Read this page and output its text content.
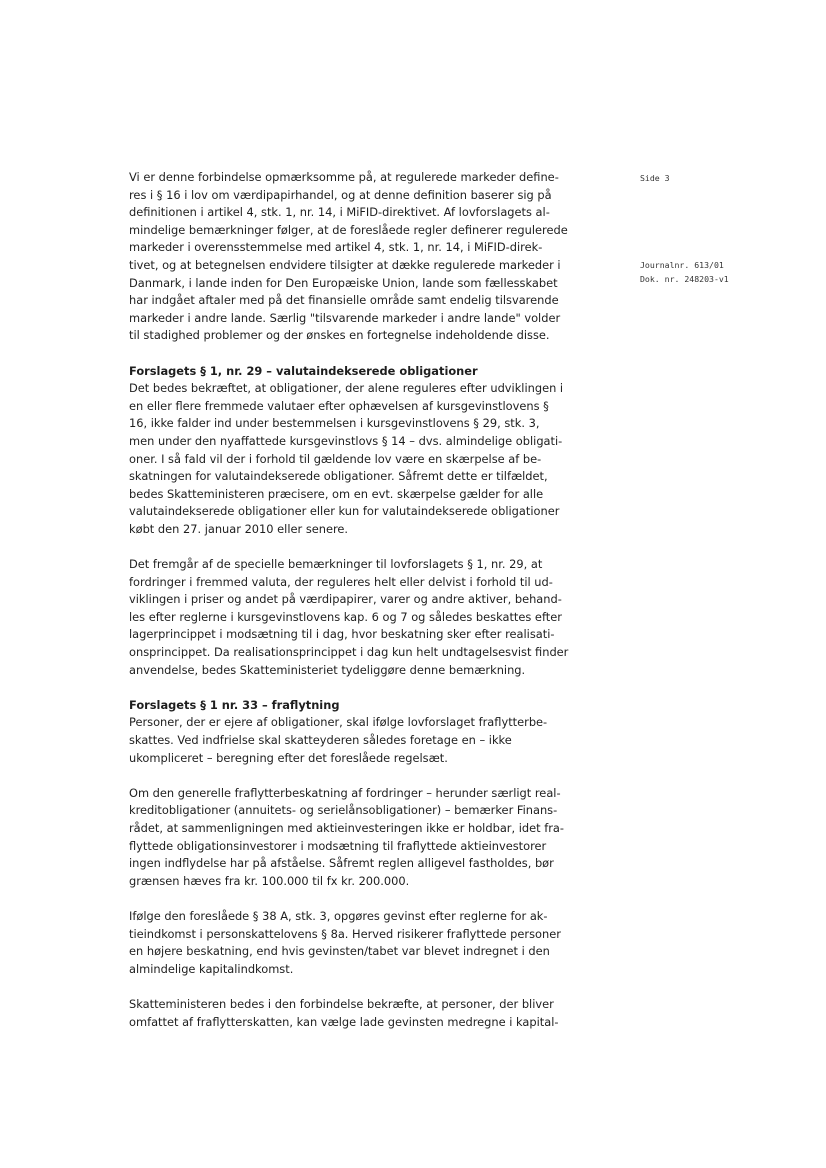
Side 3
Journalnr. 613/01
Dok. nr. 248203-v1

Vi er denne forbindelse opmærksomme på, at regulerede markeder define-
res i § 16 i lov om værdipapirhandel, og at denne definition baserer sig på
definitionen i artikel 4, stk. 1, nr. 14, i MiFID-direktivet. Af lovforslagets al-
mindelige bemærkninger følger, at de foreslåede regler definerer regulerede
markeder i overensstemmelse med artikel 4, stk. 1, nr. 14, i MiFID-direk-
tivet, og at betegnelsen endvidere tilsigter at dække regulerede markeder i
Danmark, i lande inden for Den Europæiske Union, lande som fællesskabet
har indgået aftaler med på det finansielle område samt endelig tilsvarende
markeder i andre lande. Særlig "tilsvarende markeder i andre lande" volder
til stadighed problemer og der ønskes en fortegnelse indeholdende disse.

Forslagets § 1, nr. 29 – valutaindekserede obligationer
Det bedes bekræftet, at obligationer, der alene reguleres efter udviklingen i
en eller flere fremmede valutaer efter ophævelsen af kursgevinstlovens §
16, ikke falder ind under bestemmelsen i kursgevinstlovens § 29, stk. 3,
men under den nyaffattede kursgevinstlovs § 14 – dvs. almindelige obligati-
oner. I så fald vil der i forhold til gældende lov være en skærpelse af be-
skatningen for valutaindekserede obligationer. Såfremt dette er tilfældet,
bedes Skatteministeren præcisere, om en evt. skærpelse gælder for alle
valutaindekserede obligationer eller kun for valutaindekserede obligationer
købt den 27. januar 2010 eller senere.

Det fremgår af de specielle bemærkninger til lovforslagets § 1, nr. 29, at
fordringer i fremmed valuta, der reguleres helt eller delvist i forhold til ud-
viklingen i priser og andet på værdipapirer, varer og andre aktiver, behand-
les efter reglerne i kursgevinstlovens kap. 6 og 7 og således beskattes efter
lagerprincippet i modsætning til i dag, hvor beskatning sker efter realisati-
onsprincippet. Da realisationsprincippet i dag kun helt undtagelsesvist finder
anvendelse, bedes Skatteministeriet tydeliggøre denne bemærkning.

Forslagets § 1 nr. 33 – fraflytning
Personer, der er ejere af obligationer, skal ifølge lovforslaget fraflytterbe-
skattes. Ved indfrielse skal skatteyderen således foretage en – ikke
ukompliceret – beregning efter det foreslåede regelsæt.

Om den generelle fraflytterbeskatning af fordringer – herunder særligt real-
kreditobligationer (annuitets- og serielånsobligationer) – bemærker Finans-
rådet, at sammenligningen med aktieinvesteringen ikke er holdbar, idet fra-
flyttede obligationsinvestorer i modsætning til fraflyttede aktieinvestorer
ingen indflydelse har på afståelse. Såfremt reglen alligevel fastholdes, bør
grænsen hæves fra kr. 100.000 til fx kr. 200.000.

Ifølge den foreslåede § 38 A, stk. 3, opgøres gevinst efter reglerne for ak-
tieindkomst i personskattelovens § 8a. Herved risikerer fraflyttede personer
en højere beskatning, end hvis gevinsten/tabet var blevet indregnet i den
almindelige kapitalindkomst.

Skatteministeren bedes i den forbindelse bekræfte, at personer, der bliver
omfattet af fraflytterskatten, kan vælge lade gevinsten medregne i kapital-
